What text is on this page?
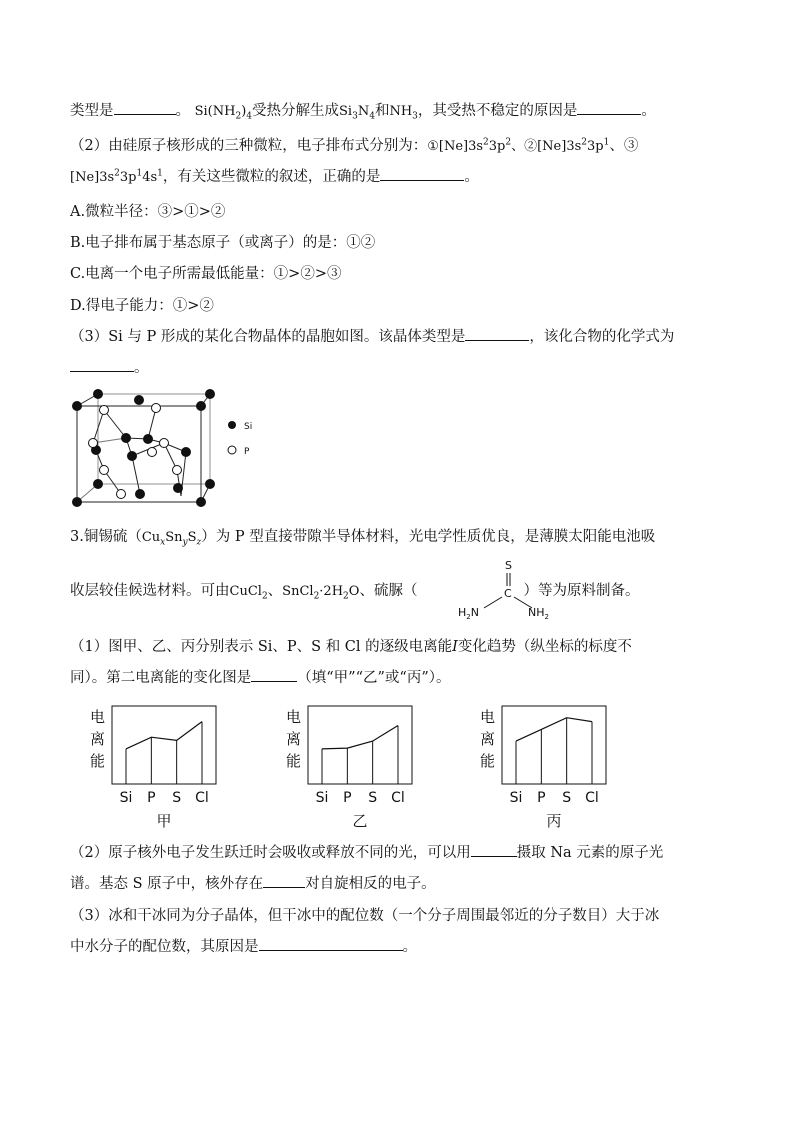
类型是	。 $Si(NH_2)_4$受热分解生成$Si_3N_4$和$NH_3$，其受热不稳定的原因是	。
（2）由硅原子核形成的三种微粒，电子排布式分别为：$①[Ne]3s^23p^2$、$②[Ne]3s^23p^1$、③
$[Ne]3s^23p^14s^1$，有关这些微粒的叙述，正确的是	。
A.微粒半径：③>①>②
B.电子排布属于基态原子（或离子）的是：①②
C.电离一个电子所需最低能量：①>②>③
D.得电子能力：①>②
（3）Si 与 P 形成的某化合物晶体的晶胞如图。该晶体类型是	，该化合物的化学式为
。
Si
P
3.铜锡硫$(Cu_xSn_yS_z)$为 P 型直接带隙半导体材料，光电学性质优良，是薄膜太阳能电池吸
收层较佳候选材料。可由CuCl$_2$、$SnCl_2\cdot 2H_2O$、硫脲（	）等为原料制备。
S
C
$H_2N$	$NH_2$
（1）图甲、乙、丙分别表示 Si、P、S 和 Cl 的逐级电离能I变化趋势（纵坐标的标度不
同）。第二电离能的变化图是	（填“甲”“乙”或“丙”）。
电
离
能
Si P S Cl
甲
电
离
能
Si P S Cl
乙
电
离
能
Si P S Cl
丙
（2）原子核外电子发生跃迁时会吸收或释放不同的光，可以用	摄取 Na 元素的原子光
谱。基态 S 原子中，核外存在	对自旋相反的电子。
（3）冰和干冰同为分子晶体，但干冰中的配位数（一个分子周围最邻近的分子数目）大于冰
中水分子的配位数，其原因是	。
